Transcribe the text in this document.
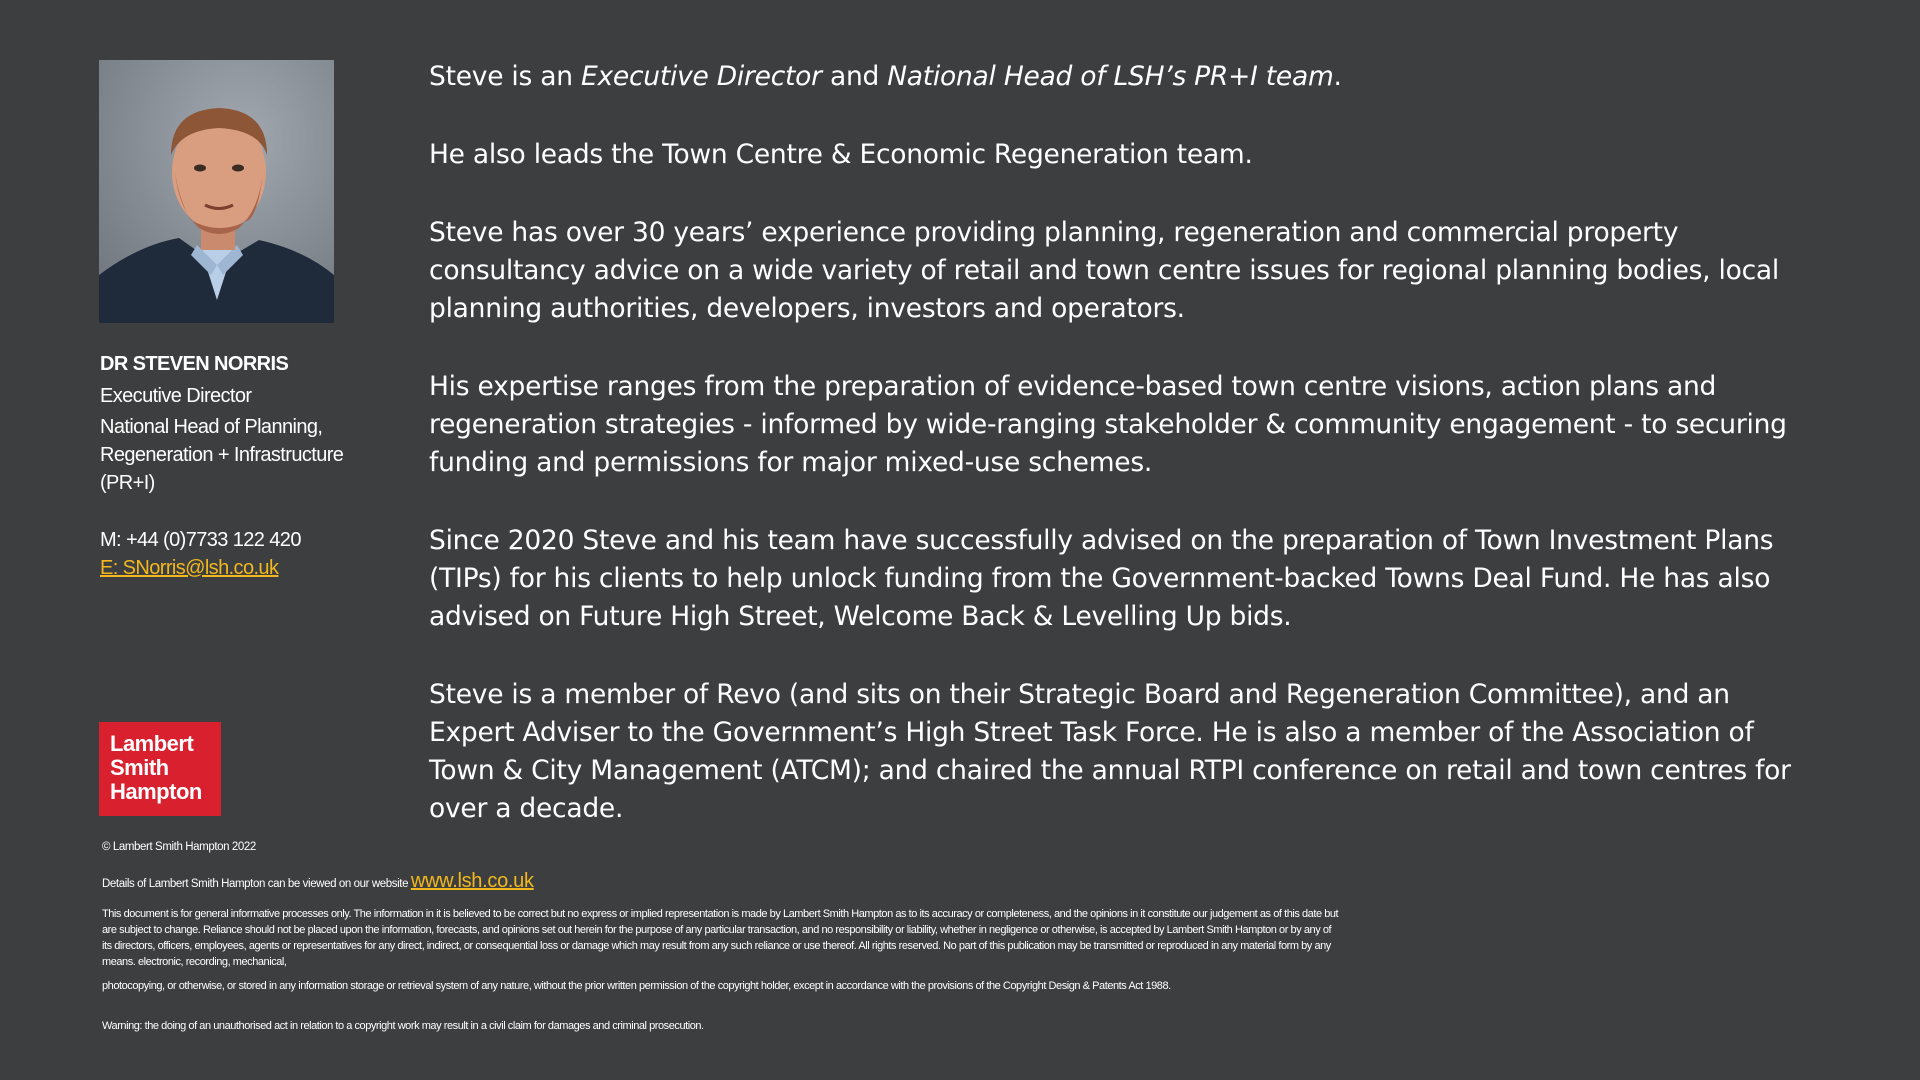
DR STEVEN NORRIS
Executive Director
National Head of Planning, Regeneration + Infrastructure (PR+I)
M: +44 (0)7733 122 420
E: SNorris@lsh.co.uk
Lambert
Smith
Hampton
© Lambert Smith Hampton 2022
Details of Lambert Smith Hampton can be viewed on our website www.lsh.co.uk

This document is for general informative processes only. The information in it is believed to be correct but no express or implied representation is made by Lambert Smith Hampton as to its accuracy or completeness, and the opinions in it constitute our judgement as of this date but are subject to change. Reliance should not be placed upon the information, forecasts, and opinions set out herein for the purpose of any particular transaction, and no responsibility or liability, whether in negligence or otherwise, is accepted by Lambert Smith Hampton or by any of its directors, officers, employees, agents or representatives for any direct, indirect, or consequential loss or damage which may result from any such reliance or use thereof. All rights reserved. No part of this publication may be transmitted or reproduced in any material form by any means. electronic, recording, mechanical,

photocopying, or otherwise, or stored in any information storage or retrieval system of any nature, without the prior written permission of the copyright holder, except in accordance with the provisions of the Copyright Design & Patents Act 1988.

Warning: the doing of an unauthorised act in relation to a copyright work may result in a civil claim for damages and criminal prosecution.

Steve is an Executive Director and National Head of LSH’s PR+I team.

He also leads the Town Centre & Economic Regeneration team.

Steve has over 30 years’ experience providing planning, regeneration and commercial property consultancy advice on a wide variety of retail and town centre issues for regional planning bodies, local planning authorities, developers, investors and operators.

His expertise ranges from the preparation of evidence-based town centre visions, action plans and regeneration strategies - informed by wide-ranging stakeholder & community engagement - to securing funding and permissions for major mixed-use schemes.

Since 2020 Steve and his team have successfully advised on the preparation of Town Investment Plans (TIPs) for his clients to help unlock funding from the Government-backed Towns Deal Fund. He has also advised on Future High Street, Welcome Back & Levelling Up bids.

Steve is a member of Revo (and sits on their Strategic Board and Regeneration Committee), and an Expert Adviser to the Government’s High Street Task Force. He is also a member of the Association of Town & City Management (ATCM); and chaired the annual RTPI conference on retail and town centres for over a decade.
